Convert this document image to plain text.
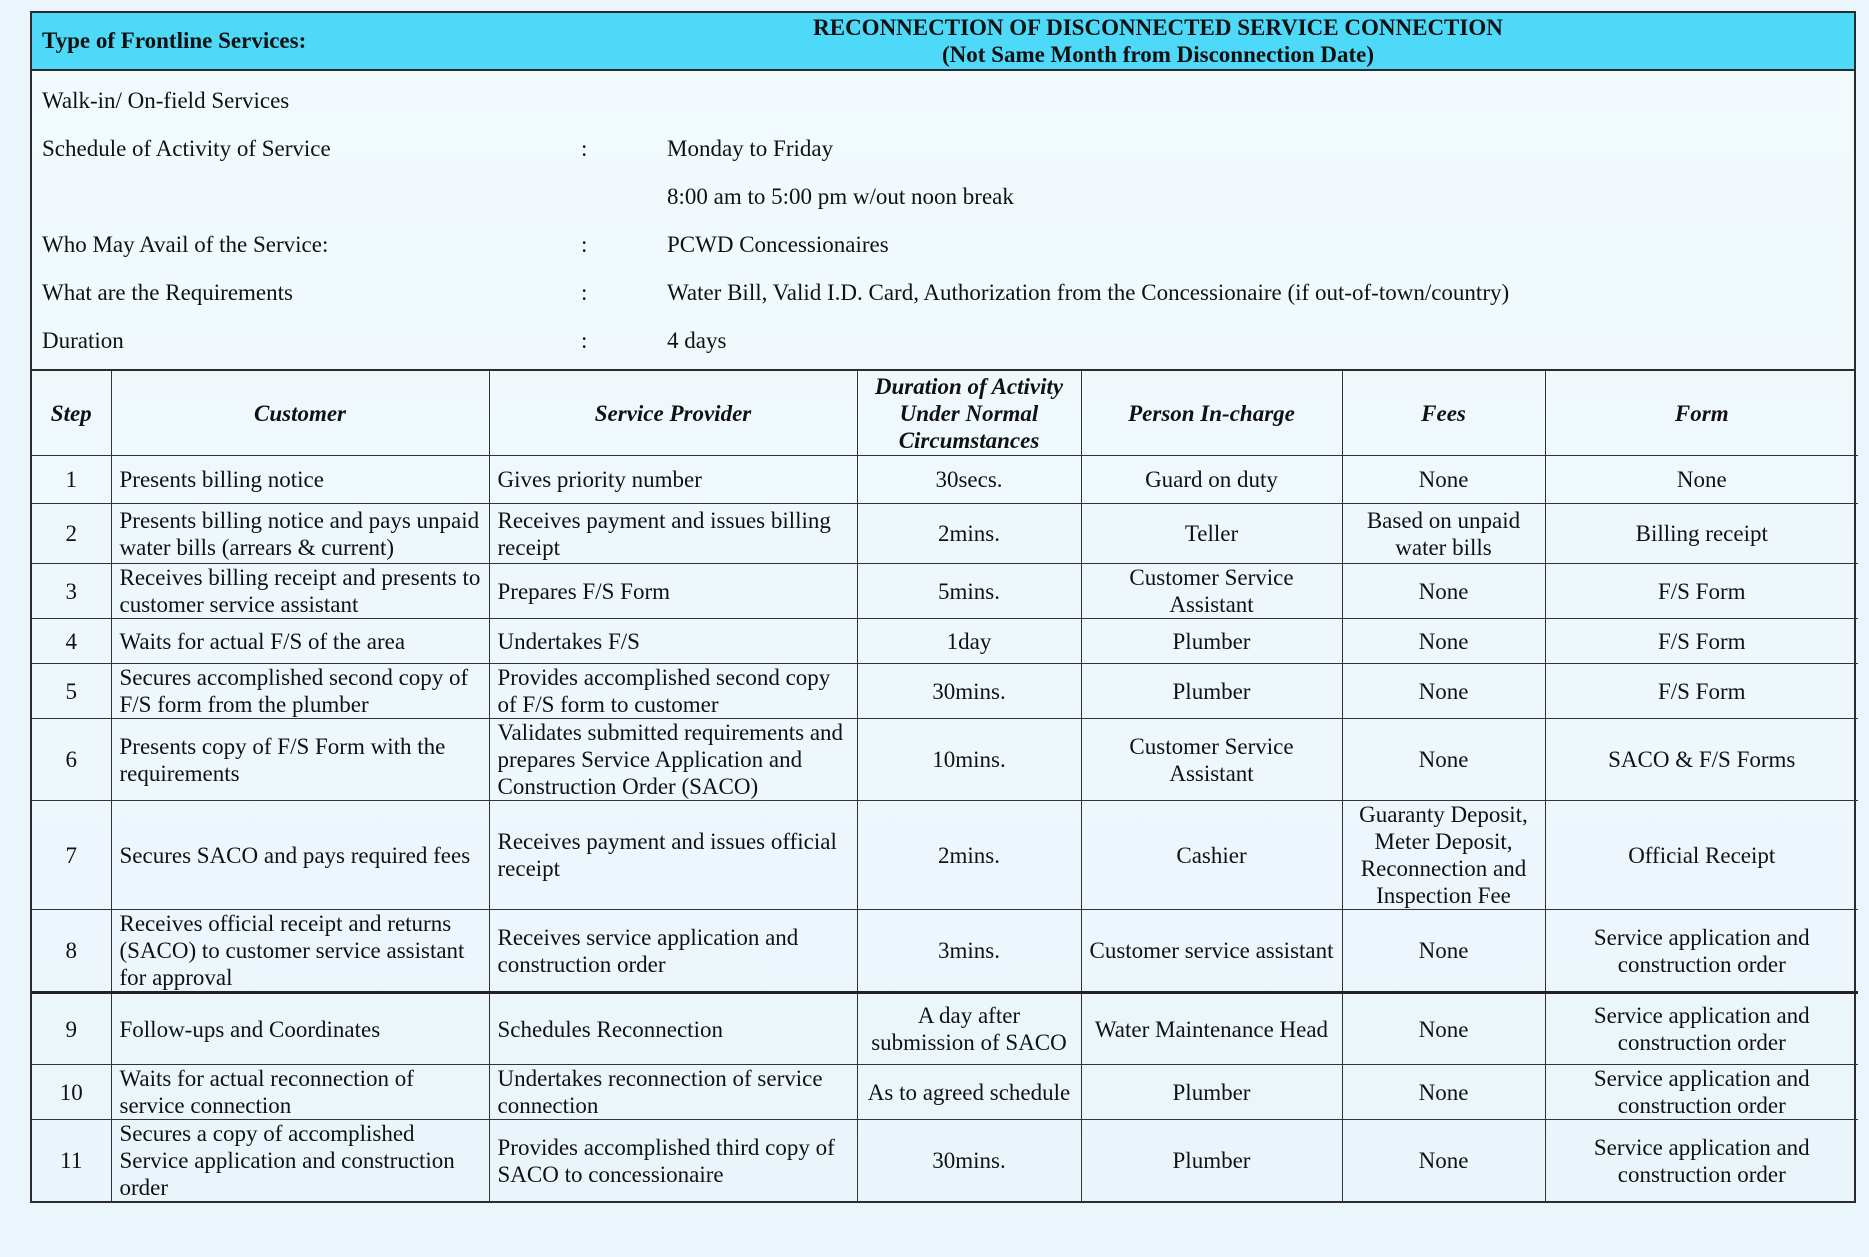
Type of Frontline Services:
RECONNECTION OF DISCONNECTED SERVICE CONNECTION
(Not Same Month from Disconnection Date)
Walk-in/ On-field Services
Schedule of Activity of Service	:	Monday to Friday
8:00 am to 5:00 pm w/out noon break
Who May Avail of the Service:	:	PCWD Concessionaires
What are the Requirements	:	Water Bill, Valid I.D. Card, Authorization from the Concessionaire (if out-of-town/country)
Duration	:	4 days
Step	Customer	Service Provider	Duration of Activity Under Normal Circumstances	Person In-charge	Fees	Form
1	Presents billing notice	Gives priority number	30secs.	Guard on duty	None	None
2	Presents billing notice and pays unpaid water bills (arrears & current)	Receives payment and issues billing receipt	2mins.	Teller	Based on unpaid water bills	Billing receipt
3	Receives billing receipt and presents to customer service assistant	Prepares F/S Form	5mins.	Customer Service Assistant	None	F/S Form
4	Waits for actual F/S of the area	Undertakes F/S	1day	Plumber	None	F/S Form
5	Secures accomplished second copy of F/S form from the plumber	Provides accomplished second copy of F/S form to customer	30mins.	Plumber	None	F/S Form
6	Presents copy of F/S Form with the requirements	Validates submitted requirements and prepares Service Application and Construction Order (SACO)	10mins.	Customer Service Assistant	None	SACO & F/S Forms
7	Secures SACO and pays required fees	Receives payment and issues official receipt	2mins.	Cashier	Guaranty Deposit, Meter Deposit, Reconnection and Inspection Fee	Official Receipt
8	Receives official receipt and returns (SACO) to customer service assistant for approval	Receives service application and construction order	3mins.	Customer service assistant	None	Service application and construction order
9	Follow-ups and Coordinates	Schedules Reconnection	A day after submission of SACO	Water Maintenance Head	None	Service application and construction order
10	Waits for actual reconnection of service connection	Undertakes reconnection of service connection	As to agreed schedule	Plumber	None	Service application and construction order
11	Secures a copy of accomplished Service application and construction order	Provides accomplished third copy of SACO to concessionaire	30mins.	Plumber	None	Service application and construction order
